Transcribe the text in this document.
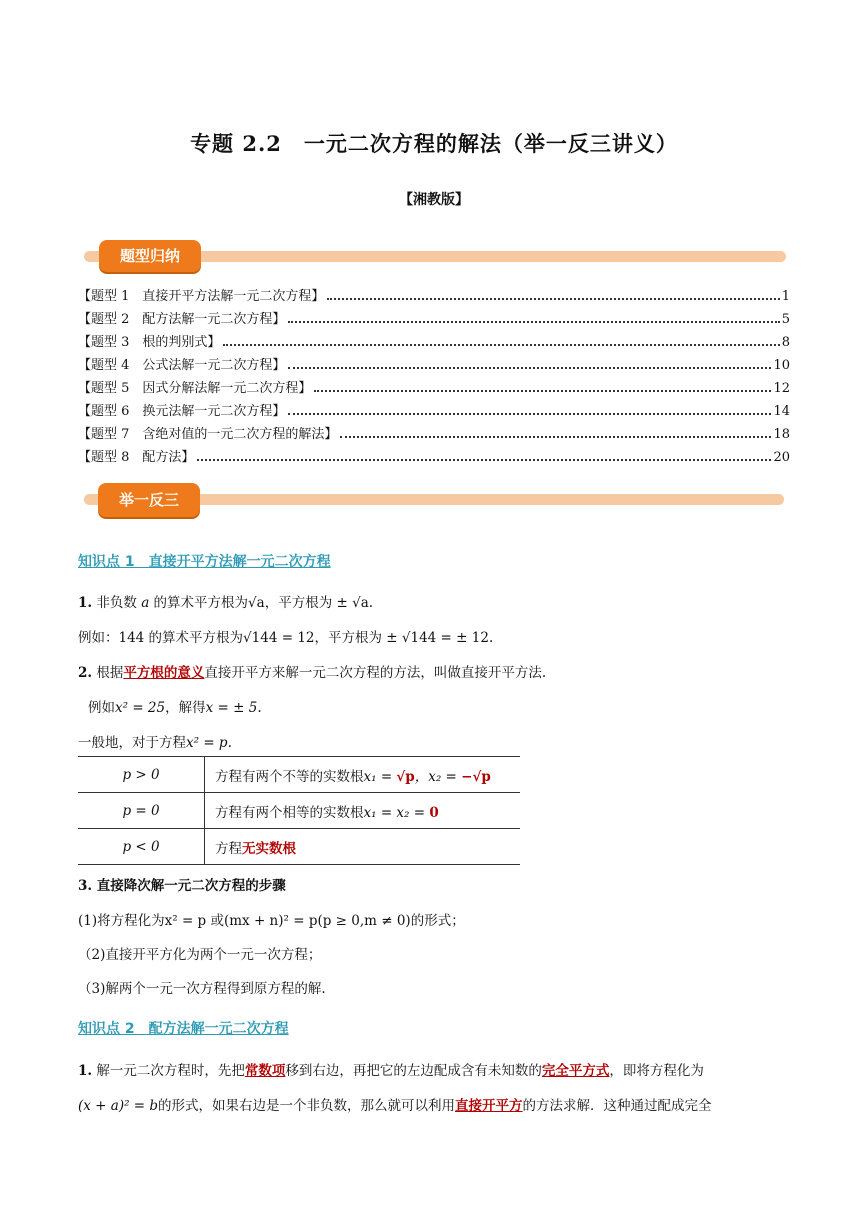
专题 2.2　一元二次方程的解法（举一反三讲义）
【湘教版】
题型归纳
【题型 1　直接开平方法解一元二次方程】	1
【题型 2　配方法解一元二次方程】	5
【题型 3　根的判别式】	8
【题型 4　公式法解一元二次方程】	10
【题型 5　因式分解法解一元二次方程】	12
【题型 6　换元法解一元二次方程】	14
【题型 7　含绝对值的一元二次方程的解法】	18
【题型 8　配方法】	20
举一反三
知识点 1　直接开平方法解一元二次方程
1. 非负数 a 的算术平方根为√a，平方根为 ± √a.
例如：144 的算术平方根为√144 = 12，平方根为 ± √144 = ± 12.
2. 根据平方根的意义直接开平方来解一元二次方程的方法，叫做直接开平方法.
例如x² = 25，解得x = ± 5.
一般地，对于方程x² = p.
p > 0	方程有两个不等的实数根x₁ = √p，x₂ = −√p
p = 0	方程有两个相等的实数根x₁ = x₂ = 0
p < 0	方程无实数根
3. 直接降次解一元二次方程的步骤
(1)将方程化为x² = p 或(mx + n)² = p(p ≥ 0,m ≠ 0)的形式；
（2)直接开平方化为两个一元一次方程；
（3)解两个一元一次方程得到原方程的解.
知识点 2　配方法解一元二次方程
1. 解一元二次方程时，先把常数项移到右边，再把它的左边配成含有未知数的完全平方式，即将方程化为
(x + a)² = b的形式，如果右边是一个非负数，那么就可以利用直接开平方的方法求解．这种通过配成完全
